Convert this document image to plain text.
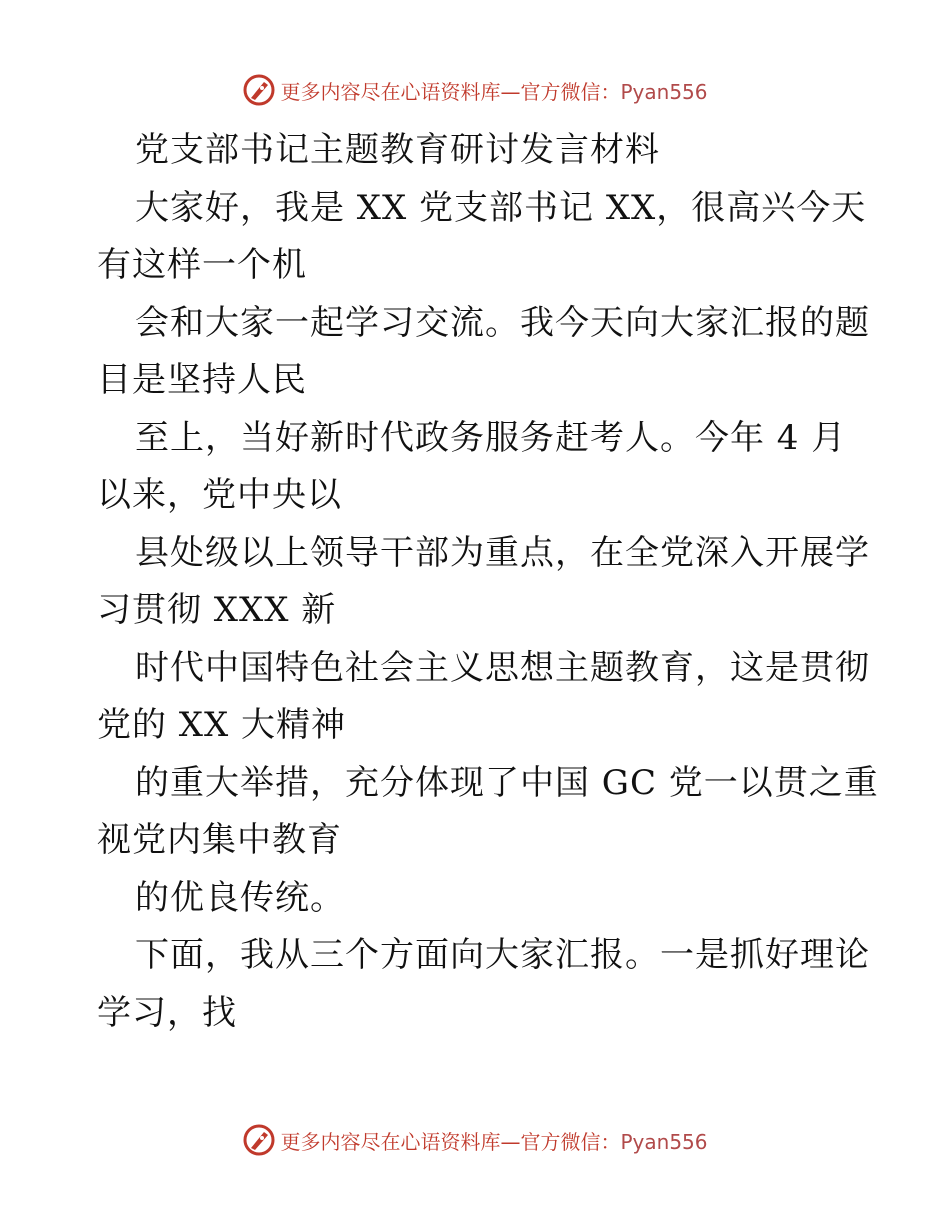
更多内容尽在心语资料库—官方微信：Pyan556
党支部书记主题教育研讨发言材料
大家好，我是 XX 党支部书记 XX，很高兴今天
有这样一个机
会和大家一起学习交流。我今天向大家汇报的题
目是坚持人民
至上，当好新时代政务服务赶考人。今年 4 月
以来，党中央以
县处级以上领导干部为重点，在全党深入开展学
习贯彻 XXX 新
时代中国特色社会主义思想主题教育，这是贯彻
党的 XX 大精神
的重大举措，充分体现了中国 GC 党一以贯之重
视党内集中教育
的优良传统。
下面，我从三个方面向大家汇报。一是抓好理论
学习，找
更多内容尽在心语资料库—官方微信：Pyan556
